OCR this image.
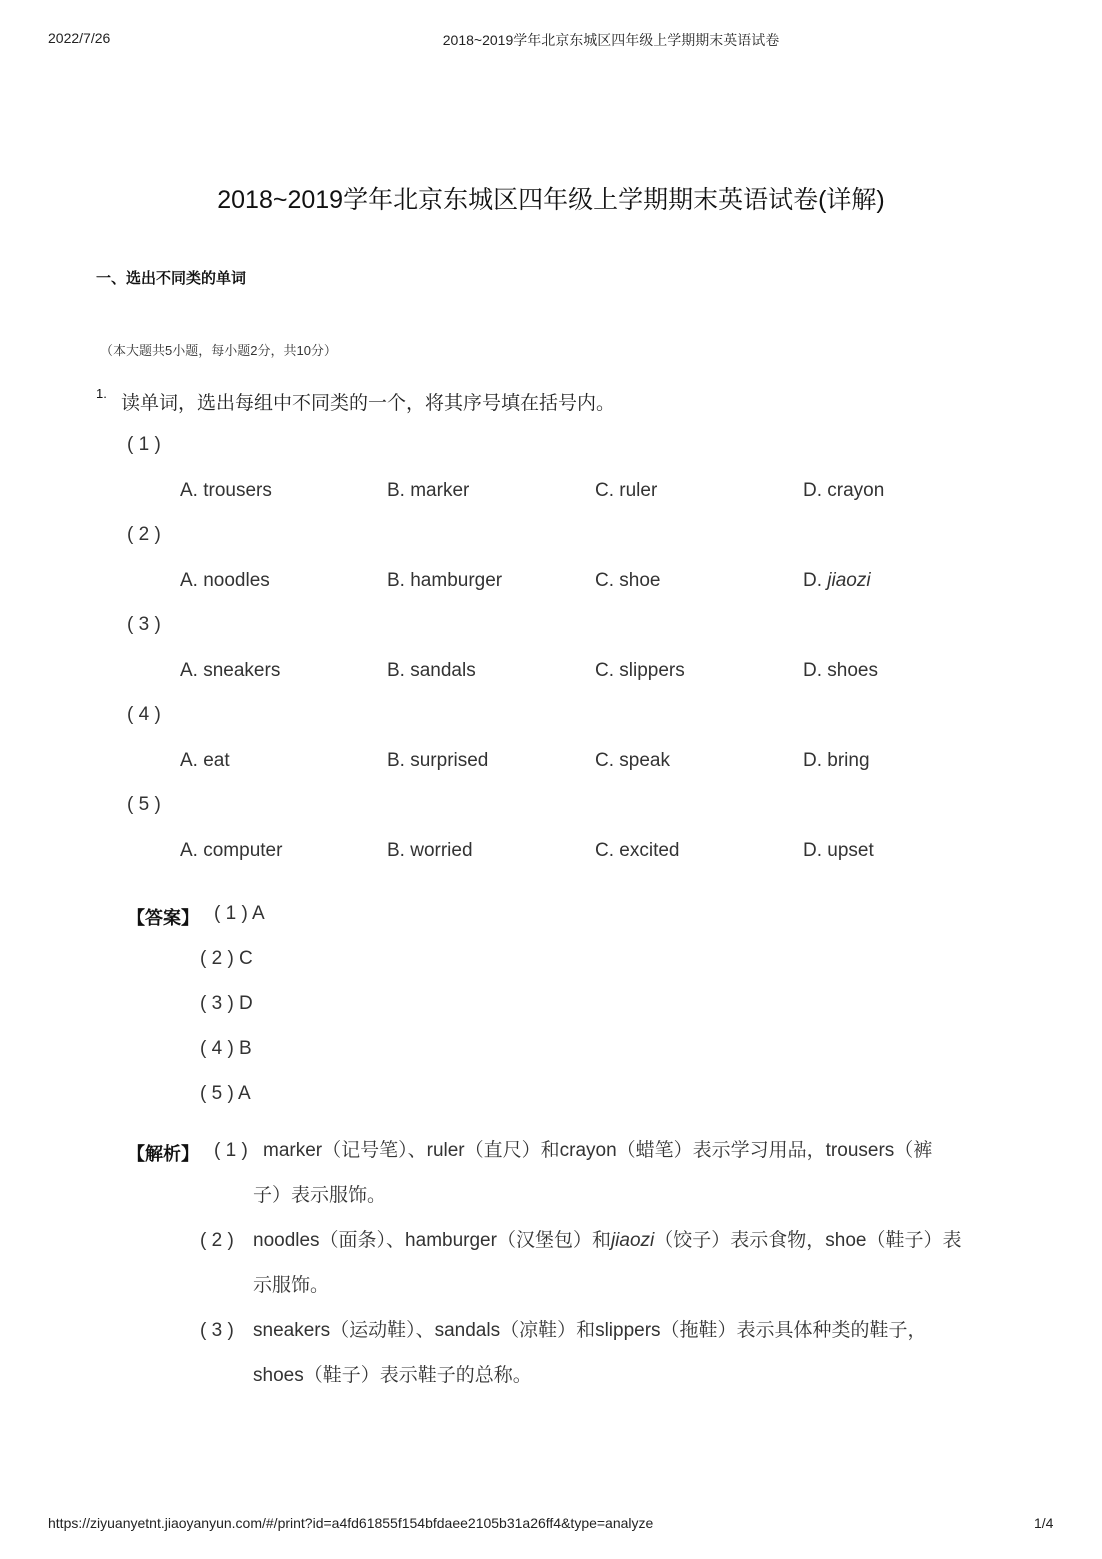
2022/7/26	2018~2019学年北京东城区四年级上学期期末英语试卷
2018~2019学年北京东城区四年级上学期期末英语试卷(详解)
一、选出不同类的单词
（本大题共5小题，每小题2分，共10分）
1. 读单词，选出每组中不同类的一个，将其序号填在括号内。
( 1 )
A. trousers	B. marker	C. ruler	D. crayon
( 2 )
A. noodles	B. hamburger	C. shoe	D. jiaozi
( 3 )
A. sneakers	B. sandals	C. slippers	D. shoes
( 4 )
A. eat	B. surprised	C. speak	D. bring
( 5 )
A. computer	B. worried	C. excited	D. upset
【答案】 ( 1 ) A
( 2 ) C
( 3 ) D
( 4 ) B
( 5 ) A
【解析】 ( 1 ) marker（记号笔）、ruler（直尺）和crayon（蜡笔）表示学习用品，trousers（裤
子）表示服饰。
( 2 ) noodles（面条）、hamburger（汉堡包）和jiaozi（饺子）表示食物，shoe（鞋子）表
示服饰。
( 3 ) sneakers（运动鞋）、sandals（凉鞋）和slippers（拖鞋）表示具体种类的鞋子，
shoes（鞋子）表示鞋子的总称。
https://ziyuanyetnt.jiaoyanyun.com/#/print?id=a4fd61855f154bfdaee2105b31a26ff4&type=analyze	1/4
